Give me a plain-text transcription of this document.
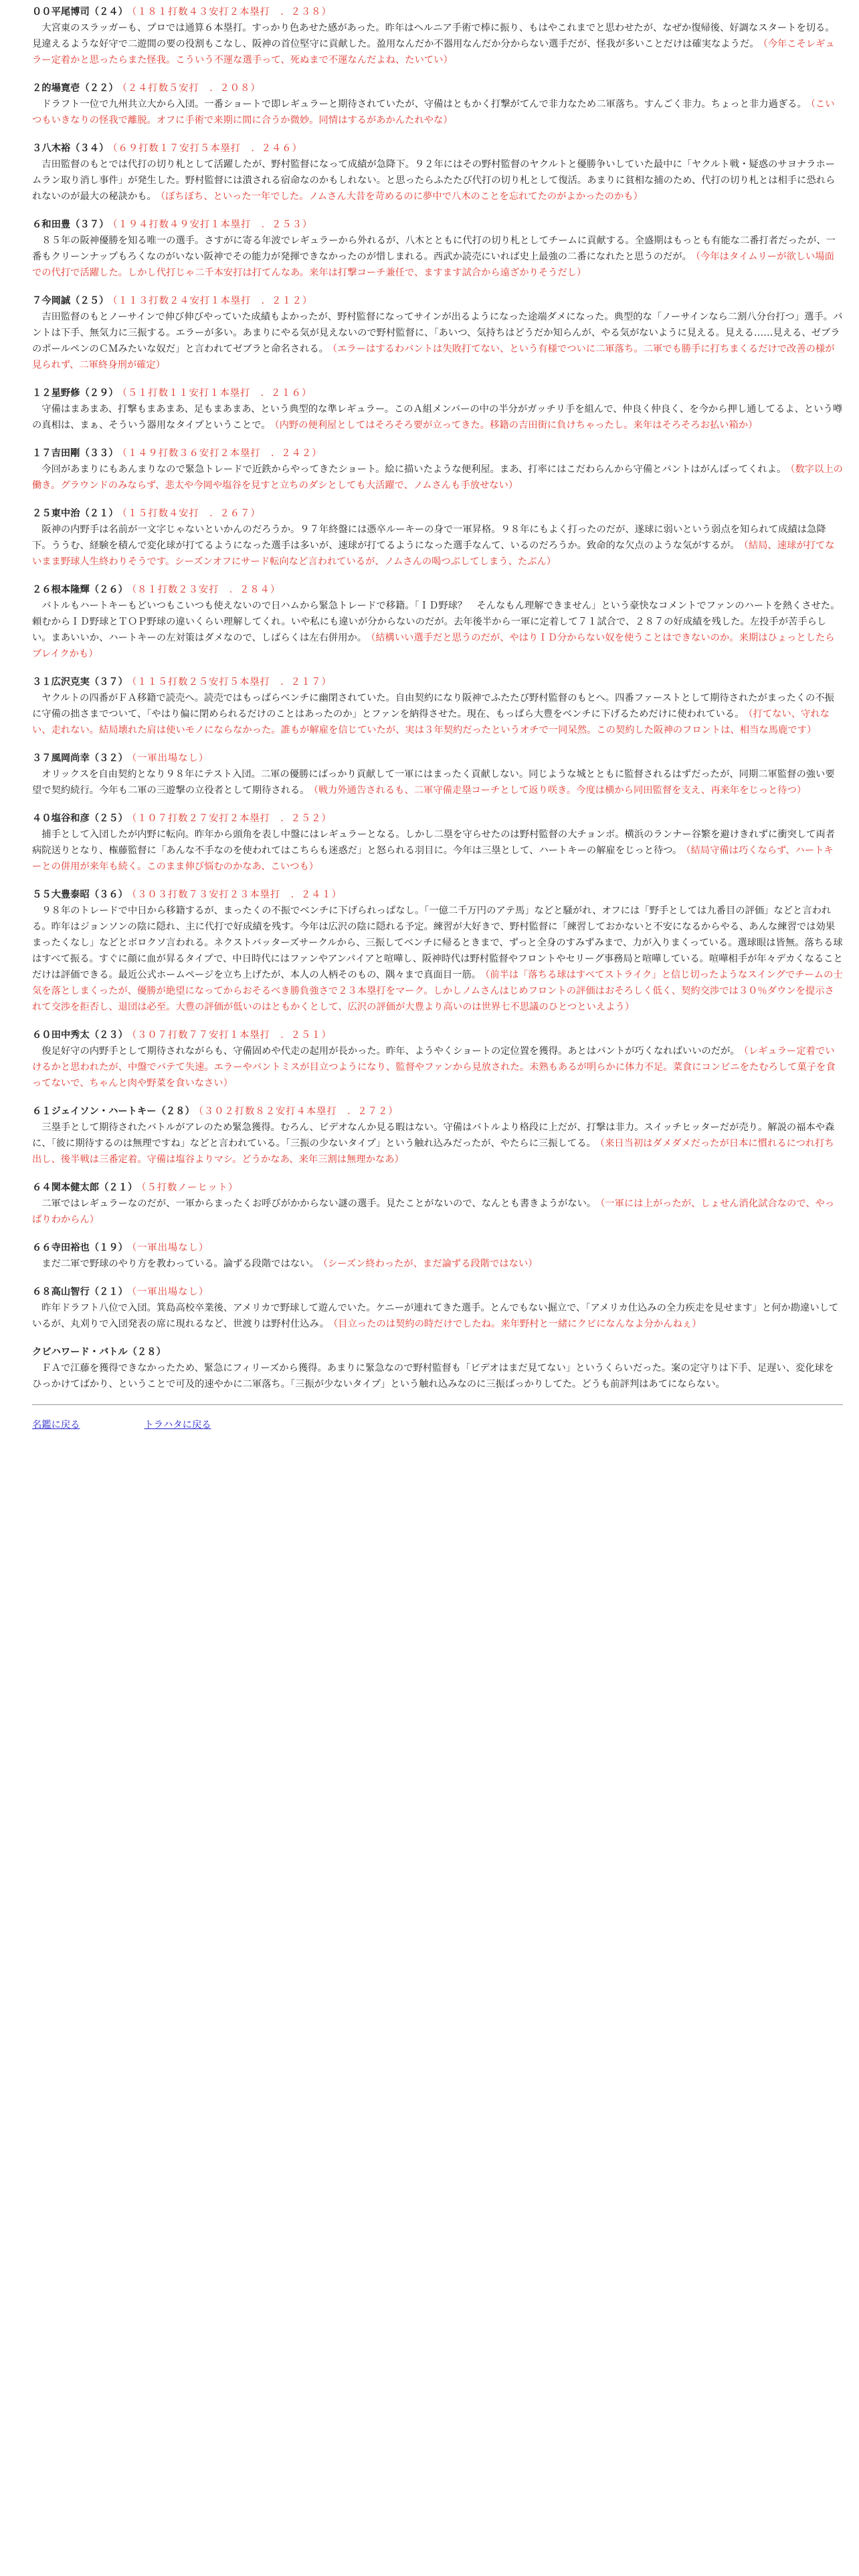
００平尾博司（２４） （１８１打数４３安打２本塁打　．２３８）
大宮東のスラッガーも、プロでは通算６本塁打。すっかり色あせた感があった。昨年はヘルニア手術で棒に振り、もはやこれまでと思わせたが、なぜか復帰後、好調なスタートを切る。見違えるような好守で二遊間の要の役割もこなし、阪神の首位堅守に貢献した。盈用なんだか不器用なんだか分からない選手だが、怪我が多いことだけは確実なようだ。 （今年こそレギュラー定着かと思ったらまた怪我。こういう不運な選手って、死ぬまで不運なんだよね、たいてい）
２的場寛壱（２２） （２４打数５安打　．２０８）
ドラフト一位で九州共立大から入団。一番ショートで即レギュラーと期待されていたが、守備はともかく打撃がてんで非力なため二軍落ち。すんごく非力。ちょっと非力過ぎる。 （こいつもいきなりの怪我で離脱。オフに手術で来期に間に合うか微妙。同情はするがあかんたれやな）
３八木裕（３４） （６９打数１７安打５本塁打　．２４６）
吉田監督のもとでは代打の切り札として活躍したが、野村監督になって成績が急降下。９２年にはその野村監督のヤクルトと優勝争いしていた最中に「ヤクルト戦・疑惑のサヨナラホームラン取り消し事件」が発生した。野村監督には潰される宿命なのかもしれない。と思ったらふたたび代打の切り札として復活。あまりに貧相な捕のため、代打の切り札とは相手に恐れられないのが最大の秘訣かも。 （ぼちぼち、といった一年でした。ノムさん大昔を苛めるのに夢中で八木のことを忘れてたのがよかったのかも）
６和田豊（３７） （１９４打数４９安打１本塁打　．２５３）
８５年の阪神優勝を知る唯一の選手。さすがに寄る年波でレギュラーから外れるが、八木とともに代打の切り札としてチームに貢献する。全盛期はもっとも有能な二番打者だったが、一番もクリーンナップもろくなのがいない阪神でその能力が発揮できなかったのが惜しまれる。西武か読売にいれば史上最強の二番になれたと思うのだが。 （今年はタイムリーが欲しい場面での代打で活躍した。しかし代打じゃ二千本安打は打てんなあ。来年は打撃コーチ兼任で、ますます試合から遠ざかりそうだし）
７今岡誠（２５） （１１３打数２４安打１本塁打　．２１２）
吉田監督のもとノーサインで伸び伸びやっていた成績もよかったが、野村監督になってサインが出るようになった途端ダメになった。典型的な「ノーサインなら二割八分台打つ」選手。バントは下手、無気力に三振する。エラーが多い。あまりにやる気が見えないので野村監督に、「あいつ、気持ちはどうだか知らんが、やる気がないように見える。見える……見える、ゼブラのポールペンのＣＭみたいな奴だ」と言われてゼブラと命名される。 （エラーはするわバントは失敗打てない、という有様でついに二軍落ち。二軍でも勝手に打ちまくるだけで改善の様が見られず、二軍終身刑が確定）
１２星野修（２９） （５１打数１１安打１本塁打　．２１６）
守備はまあまあ、打撃もまあまあ、足もまあまあ、という典型的な準レギュラー。このＡ組メンバーの中の半分がガッチリ手を組んで、仲良く仲良く、を今から押し通してるよ、という噂の真相は、まぁ、そういう器用なタイプということで。 （内野の便利屋としてはそろそろ要が立ってきた。移籍の吉田街に負けちゃったし。来年はそろそろお払い箱か）
１７吉田剛（３３） （１４９打数３６安打２本塁打　．２４２）
今回があまりにもあんまりなので緊急トレードで近鉄からやってきたショート。絵に描いたような便利屋。まあ、打率にはこだわらんから守備とバントはがんばってくれよ。 （数字以上の働き。グラウンドのみならず、悲太や今岡や塩谷を見すと立ちのダシとしても大活躍で、ノムさんも手放せない）
２５東中治（２１） （１５打数４安打　．２６７）
阪神の内野手は名前が一文字じゃないといかんのだろうか。９７年終盤には憑卒ルーキーの身で一軍昇格。９８年にもよく打ったのだが、遂球に弱いという弱点を知られて成績は急降下。ううむ、経験を積んで変化球が打てるようになった選手は多いが、速球が打てるようになった選手なんて、いるのだろうか。致命的な欠点のような気がするが。 （結局、速球が打てないまま野球人生終わりそうです。シーズンオフにサード転向など言われているが、ノムさんの喝つぶしてしまう、たぶん）
２６根本隆輝（２６） （８１打数２３安打　．２８４）
バトルもハートキーもどいつもこいつも使えないので日ハムから緊急トレードで移籍。「ＩＤ野球？　そんなもん理解できません」という豪快なコメントでファンのハートを熱くさせた。頼むからＩＤ野球とＴＯＰ野球の違いくらい理解してくれ。いや私にも違いが分からないのだが。去年後半から一軍に定着して７１試合で、２８７の好成績を残した。左投手が苦手らしい。まあいいか、ハートキーの左対策はダメなので、しばらくは左右併用か。 （結構いい選手だと思うのだが、やはりＩＤ分からない奴を使うことはできないのか。来期はひょっとしたらブレイクかも）
３１広沢克実（３７） （１１５打数２５安打５本塁打　．２１７）
ヤクルトの四番がＦＡ移籍で読売へ。読売ではもっぱらベンチに幽閉されていた。自由契約になり阪神でふたたび野村監督のもとへ。四番ファーストとして期待されたがまったくの不振に守備の拙さまでついて、「やはり偏に閉められるだけのことはあったのか」とファンを納得させた。現在、もっぱら大豊をベンチに下げるためだけに使われている。 （打てない、守れない、走れない。結局壊れた肩は使いモノにならなかった。誰もが解雇を信じていたが、実は３年契約だったというオチで一同呆然。この契約した阪神のフロントは、相当な馬鹿です）
３７風岡尚幸（３２） （一軍出場なし）
オリックスを自由契約となり９８年にテスト入団。二軍の優勝にばっかり貢献して一軍にはまったく貢献しない。同じような城とともに監督されるはずだったが、同期二軍監督の強い要望で契約続行。今年も二軍の三遊撃の立役者として期待される。 （戦力外通告されるも、二軍守備走塁コーチとして返り咲き。今度は横から同田監督を支え、再来年をじっと待つ）
４０塩谷和彦（２５） （１０７打数２７安打２本塁打　．２５２）
捕手として入団したが内野に転向。昨年から頭角を表し中盤にはレギュラーとなる。しかし二塁を守らせたのは野村監督の大チョンボ。横浜のランナー谷繁を避けきれずに衝突して両者病院送りとなり、権藤監督に「あんな不手なのを使われてはこちらも迷惑だ」と怒られる羽目に。今年は三塁として、ハートキーの解雇をじっと待つ。 （結局守備は巧くならず、ハートキーとの併用が来年も続く。このまま伸び悩むのかなあ、こいつも）
５５大豊泰昭（３６） （３０３打数７３安打２３本塁打　．２４１）
９８年のトレードで中日から移籍するが、まったくの不振でベンチに下げられっぱなし。「一億二千万円のアテ馬」などと騒がれ、オフには「野手としては九番目の評価」などと言われる。昨年はジョンソンの陰に隠れ、主に代打で好成績を残す。今年は広沢の陰に隠れる予定。練習が大好きで、野村監督に「練習しておかないと不安になるからやる、あんな練習では効果まったくなし」などとボロクソ言われる。ネクストバッターズサークルから、三振してベンチに帰るときまで、ずっと全身のすみずみまで、力が入りまくっている。選球眼は皆無。落ちる球はすべて振る。すぐに顔に血が昇るタイプで、中日時代にはファンやアンパイアと喧嘩し、阪神時代は野村監督やフロントやセリーグ事務局と喧嘩している。喧嘩相手が年々デカくなることだけは評価できる。最近公式ホームページを立ち上げたが、本人の人柄そのもの、隅々まで真面目一筋。 （前半は「落ちる球はすべてストライク」と信じ切ったようなスイングでチームの士気を落としまくったが、優勝が絶望になってからおそるべき勝負強さで２３本塁打をマーク。しかしノムさんはじめフロントの評価はおそろしく低く、契約交渉では３０％ダウンを提示されて交渉を拒否し、退団は必至。大豊の評価が低いのはともかくとして、広沢の評価が大豊より高いのは世界七不思議のひとつといえよう）
６０田中秀太（２３） （３０７打数７７安打１本塁打　．２５１）
俊足好守の内野手として期待されながらも、守備固めや代走の起用が長かった。昨年、ようやくショートの定位置を獲得。あとはバントが巧くなればいいのだが。 （レギュラー定着でいけるかと思われたが、中盤でバテて失速。エラーやバントミスが目立つようになり、監督やファンから見放された。未熟もあるが明らかに体力不足。菜食にコンビニをたむろして菓子を食ってないで、ちゃんと肉や野菜を食いなさい）
６１ジェイソン・ハートキー（２８） （３０２打数８２安打４本塁打　．２７２）
三塁手として期待されたバトルがアレのため緊急獲得。むろん、ビデオなんか見る暇はない。守備はバトルより格段に上だが、打撃は非力。スイッチヒッターだが売り。解説の福本や森に、「彼に期待するのは無理ですね」などと言われている。「三振の少ないタイプ」という触れ込みだったが、やたらに三振してる。 （来日当初はダメダメだったが日本に慣れるにつれ打ち出し、後半戦は三番定着。守備は塩谷よりマシ。どうかなあ、来年三割は無理かなあ）
６４関本健太郎（２１） （５打数ノーヒット）
二軍ではレギュラーなのだが、一軍からまったくお呼びがかからない謎の選手。見たことがないので、なんとも書きようがない。 （一軍には上がったが、しょせん消化試合なので、やっぱりわからん）
６６寺田裕也（１９） （一軍出場なし）
まだ二軍で野球のやり方を教わっている。論ずる段階ではない。 （シーズン終わったが、まだ論ずる段階ではない）
６８高山智行（２１） （一軍出場なし）
昨年ドラフト八位で入団。箕島高校卒業後、アメリカで野球して遊んでいた。ケニーが連れてきた選手。とんでもない掘立で、「アメリカ仕込みの全力疾走を見せます」と何か勘違いしているが、丸刈りで入団発表の席に現れるなど、世渡りは野村仕込み。 （目立ったのは契約の時だけでしたね。来年野村と一緒にクビになんなよ分かんねぇ）
クビハワード・バトル（２８）
ＦＡで江藤を獲得できなかったため、緊急にフィリーズから獲得。あまりに緊急なので野村監督も「ビデオはまだ見てない」というくらいだった。案の定守りは下手、足遅い、変化球をひっかけてばかり、ということで可及的速やかに二軍落ち。「三振が少ないタイプ」という触れ込みなのに三振ばっかりしてた。どうも前評判はあてにならない。
名鑑に戻る	トラハタに戻る
